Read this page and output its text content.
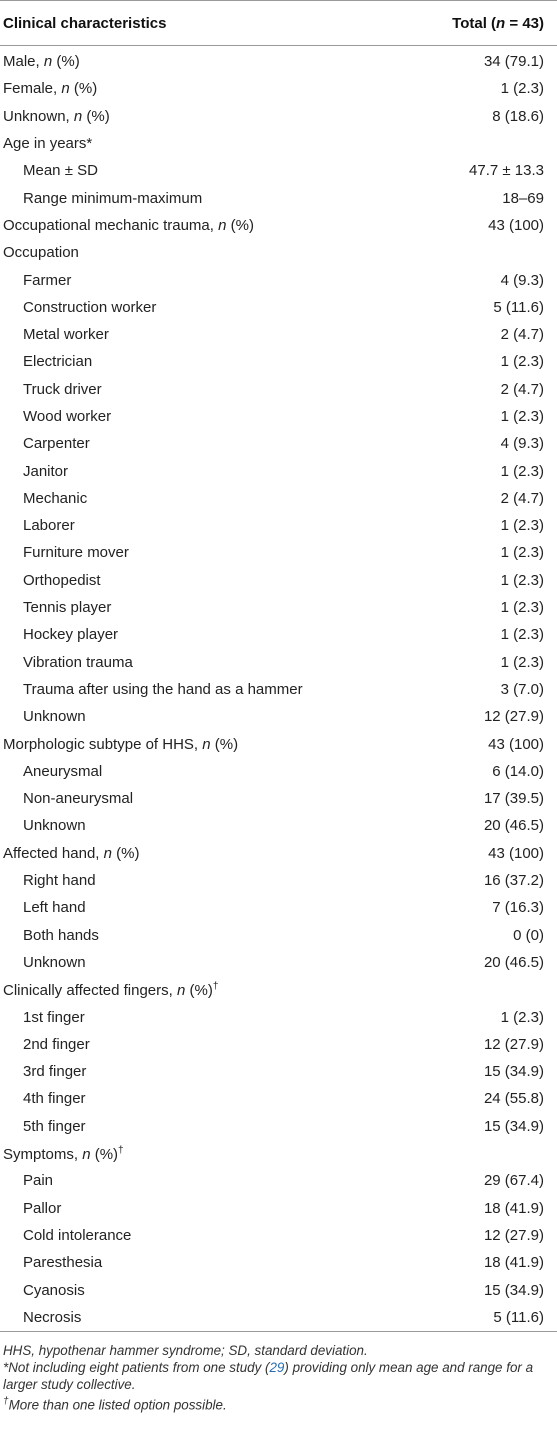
Clinical characteristics	Total (n = 43)
Male, n (%)	34 (79.1)
Female, n (%)	1 (2.3)
Unknown, n (%)	8 (18.6)
Age in years*
Mean ± SD	47.7 ± 13.3
Range minimum-maximum	18–69
Occupational mechanic trauma, n (%)	43 (100)
Occupation
Farmer	4 (9.3)
Construction worker	5 (11.6)
Metal worker	2 (4.7)
Electrician	1 (2.3)
Truck driver	2 (4.7)
Wood worker	1 (2.3)
Carpenter	4 (9.3)
Janitor	1 (2.3)
Mechanic	2 (4.7)
Laborer	1 (2.3)
Furniture mover	1 (2.3)
Orthopedist	1 (2.3)
Tennis player	1 (2.3)
Hockey player	1 (2.3)
Vibration trauma	1 (2.3)
Trauma after using the hand as a hammer	3 (7.0)
Unknown	12 (27.9)
Morphologic subtype of HHS, n (%)	43 (100)
Aneurysmal	6 (14.0)
Non-aneurysmal	17 (39.5)
Unknown	20 (46.5)
Affected hand, n (%)	43 (100)
Right hand	16 (37.2)
Left hand	7 (16.3)
Both hands	0 (0)
Unknown	20 (46.5)
Clinically affected fingers, n (%)†
1st finger	1 (2.3)
2nd finger	12 (27.9)
3rd finger	15 (34.9)
4th finger	24 (55.8)
5th finger	15 (34.9)
Symptoms, n (%)†
Pain	29 (67.4)
Pallor	18 (41.9)
Cold intolerance	12 (27.9)
Paresthesia	18 (41.9)
Cyanosis	15 (34.9)
Necrosis	5 (11.6)

HHS, hypothenar hammer syndrome; SD, standard deviation.

*Not including eight patients from one study (29) providing only mean age and range for a larger study collective.

†More than one listed option possible.
